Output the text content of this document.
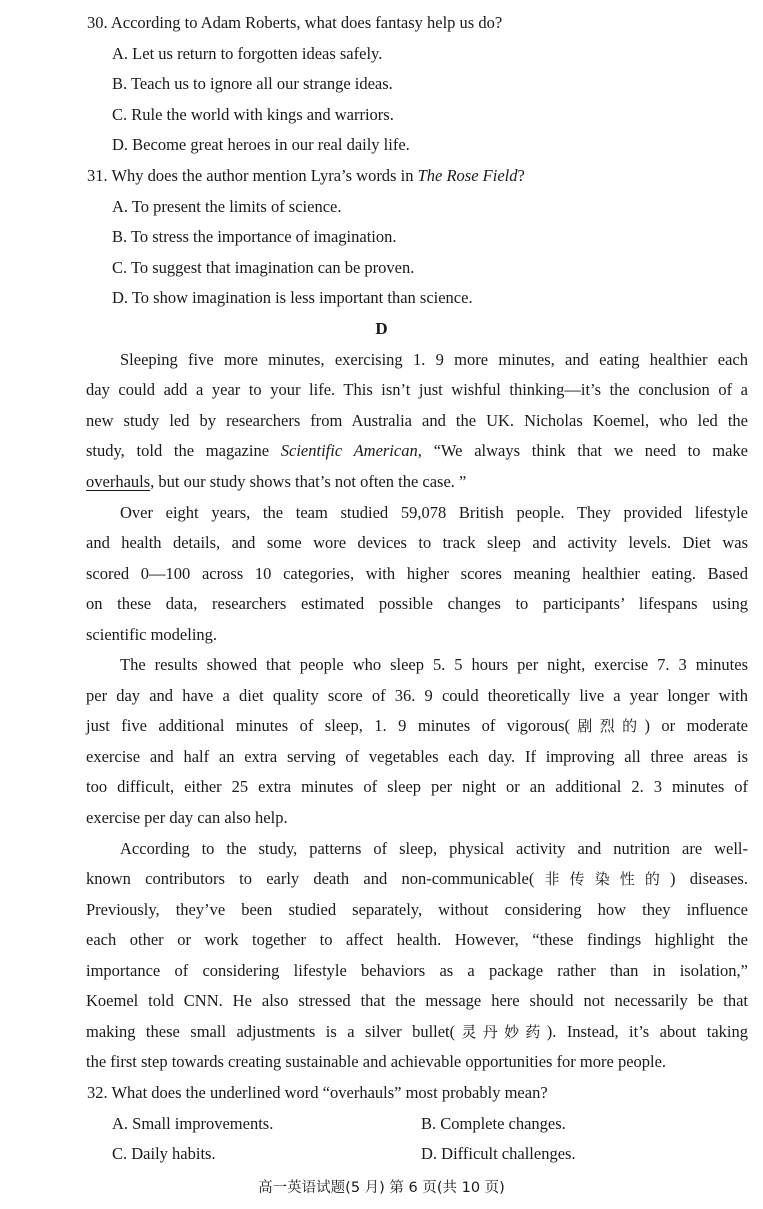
30. According to Adam Roberts, what does fantasy help us do?
A. Let us return to forgotten ideas safely.
B. Teach us to ignore all our strange ideas.
C. Rule the world with kings and warriors.
D. Become great heroes in our real daily life.
31. Why does the author mention Lyra’s words in The Rose Field?
A. To present the limits of science.
B. To stress the importance of imagination.
C. To suggest that imagination can be proven.
D. To show imagination is less important than science.
D
Sleeping five more minutes, exercising 1. 9 more minutes, and eating healthier each
day could add a year to your life. This isn’t just wishful thinking—it’s the conclusion of a
new study led by researchers from Australia and the UK. Nicholas Koemel, who led the
study, told the magazine Scientific American, “We always think that we need to make
overhauls, but our study shows that’s not often the case. ”
Over eight years, the team studied 59,078 British people. They provided lifestyle
and health details, and some wore devices to track sleep and activity levels. Diet was
scored 0—100 across 10 categories, with higher scores meaning healthier eating. Based
on these data, researchers estimated possible changes to participants’ lifespans using
scientific modeling.
The results showed that people who sleep 5. 5 hours per night, exercise 7. 3 minutes
per day and have a diet quality score of 36. 9 could theoretically live a year longer with
just five additional minutes of sleep, 1. 9 minutes of vigorous(剧烈的) or moderate
exercise and half an extra serving of vegetables each day. If improving all three areas is
too difficult, either 25 extra minutes of sleep per night or an additional 2. 3 minutes of
exercise per day can also help.
According to the study, patterns of sleep, physical activity and nutrition are well-
known contributors to early death and non-communicable(非传染性的) diseases.
Previously, they’ve been studied separately, without considering how they influence
each other or work together to affect health. However, “these findings highlight the
importance of considering lifestyle behaviors as a package rather than in isolation,”
Koemel told CNN. He also stressed that the message here should not necessarily be that
making these small adjustments is a silver bullet(灵丹妙药). Instead, it’s about taking
the first step towards creating sustainable and achievable opportunities for more people.
32. What does the underlined word “overhauls” most probably mean?
A. Small improvements.	B. Complete changes.
C. Daily habits.	D. Difficult challenges.
高一英语试题(5 月) 第 6 页(共 10 页)
